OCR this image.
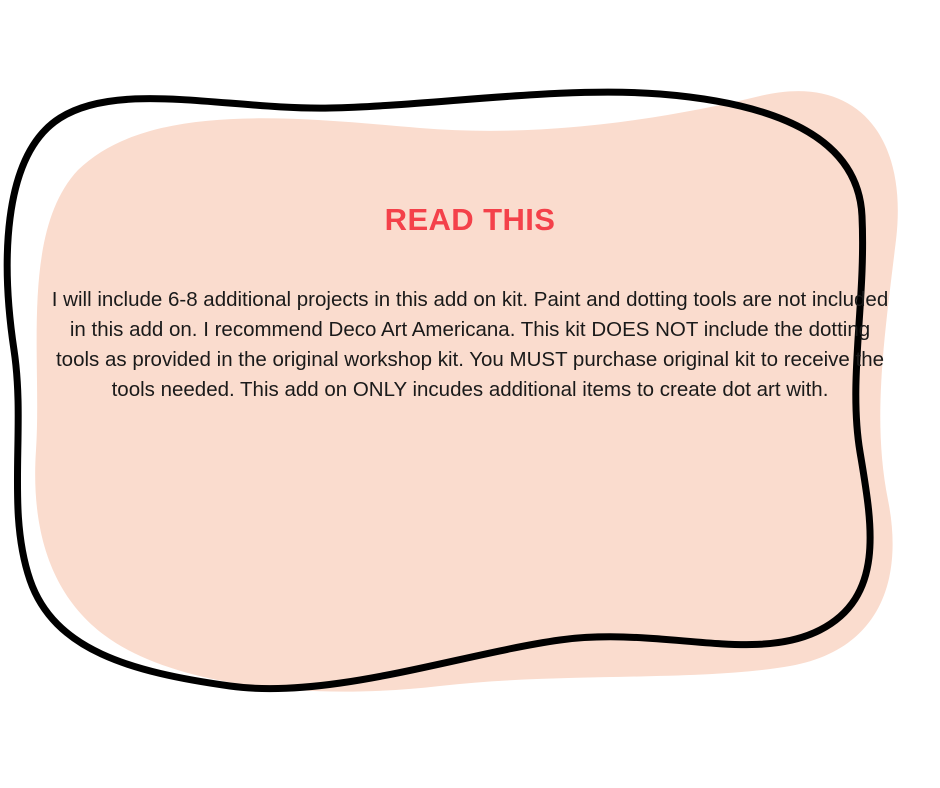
READ THIS
I will include 6-8 additional projects in this add on kit. Paint and dotting tools are not included in this add on. I recommend Deco Art Americana. This kit DOES NOT include the dotting tools as provided in the original workshop kit. You MUST purchase original kit to receive the tools needed. This add on ONLY incudes additional items to create dot art with.
